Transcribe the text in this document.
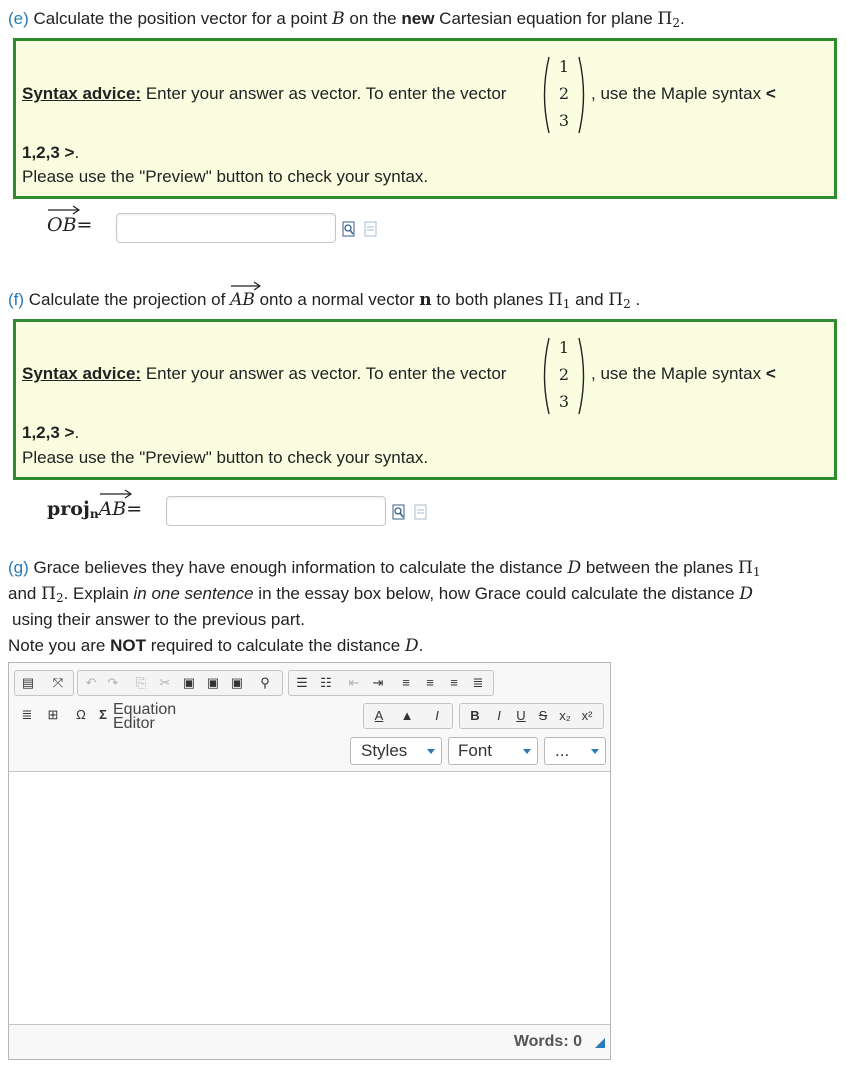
(e) Calculate the position vector for a point B on the new Cartesian equation for plane $\Pi_2$.
Syntax advice: Enter your answer as vector. To enter the vector
1
2
3
, use the Maple syntax <
1,2,3 >.
Please use the "Preview" button to check your syntax.
OB=
(f) Calculate the projection of AB onto a normal vector n to both planes $\Pi_1$ and $\Pi_2$ .
Syntax advice: Enter your answer as vector. To enter the vector
1
2
3
, use the Maple syntax <
1,2,3 >.
Please use the "Preview" button to check your syntax.
proj$_n$
AB=
(g) Grace believes they have enough information to calculate the distance D between the planes $\Pi_1$
and $\Pi_2$. Explain in one sentence in the essay box below, how Grace could calculate the distance D
using their answer to the previous part.
Note you are NOT required to calculate the distance D.
▤ ⤧ ↶ ↷ ⎘ ✂ ▣ ▣ ▣	⚲	☰ ☷ ⇤ ⇥	≡	≡	≡	≣
≣ ⊞	Ω	Σ Equation Editor	A	▲	I	B	I	U S x₂ x²
Styles	Font	...
Words: 0
